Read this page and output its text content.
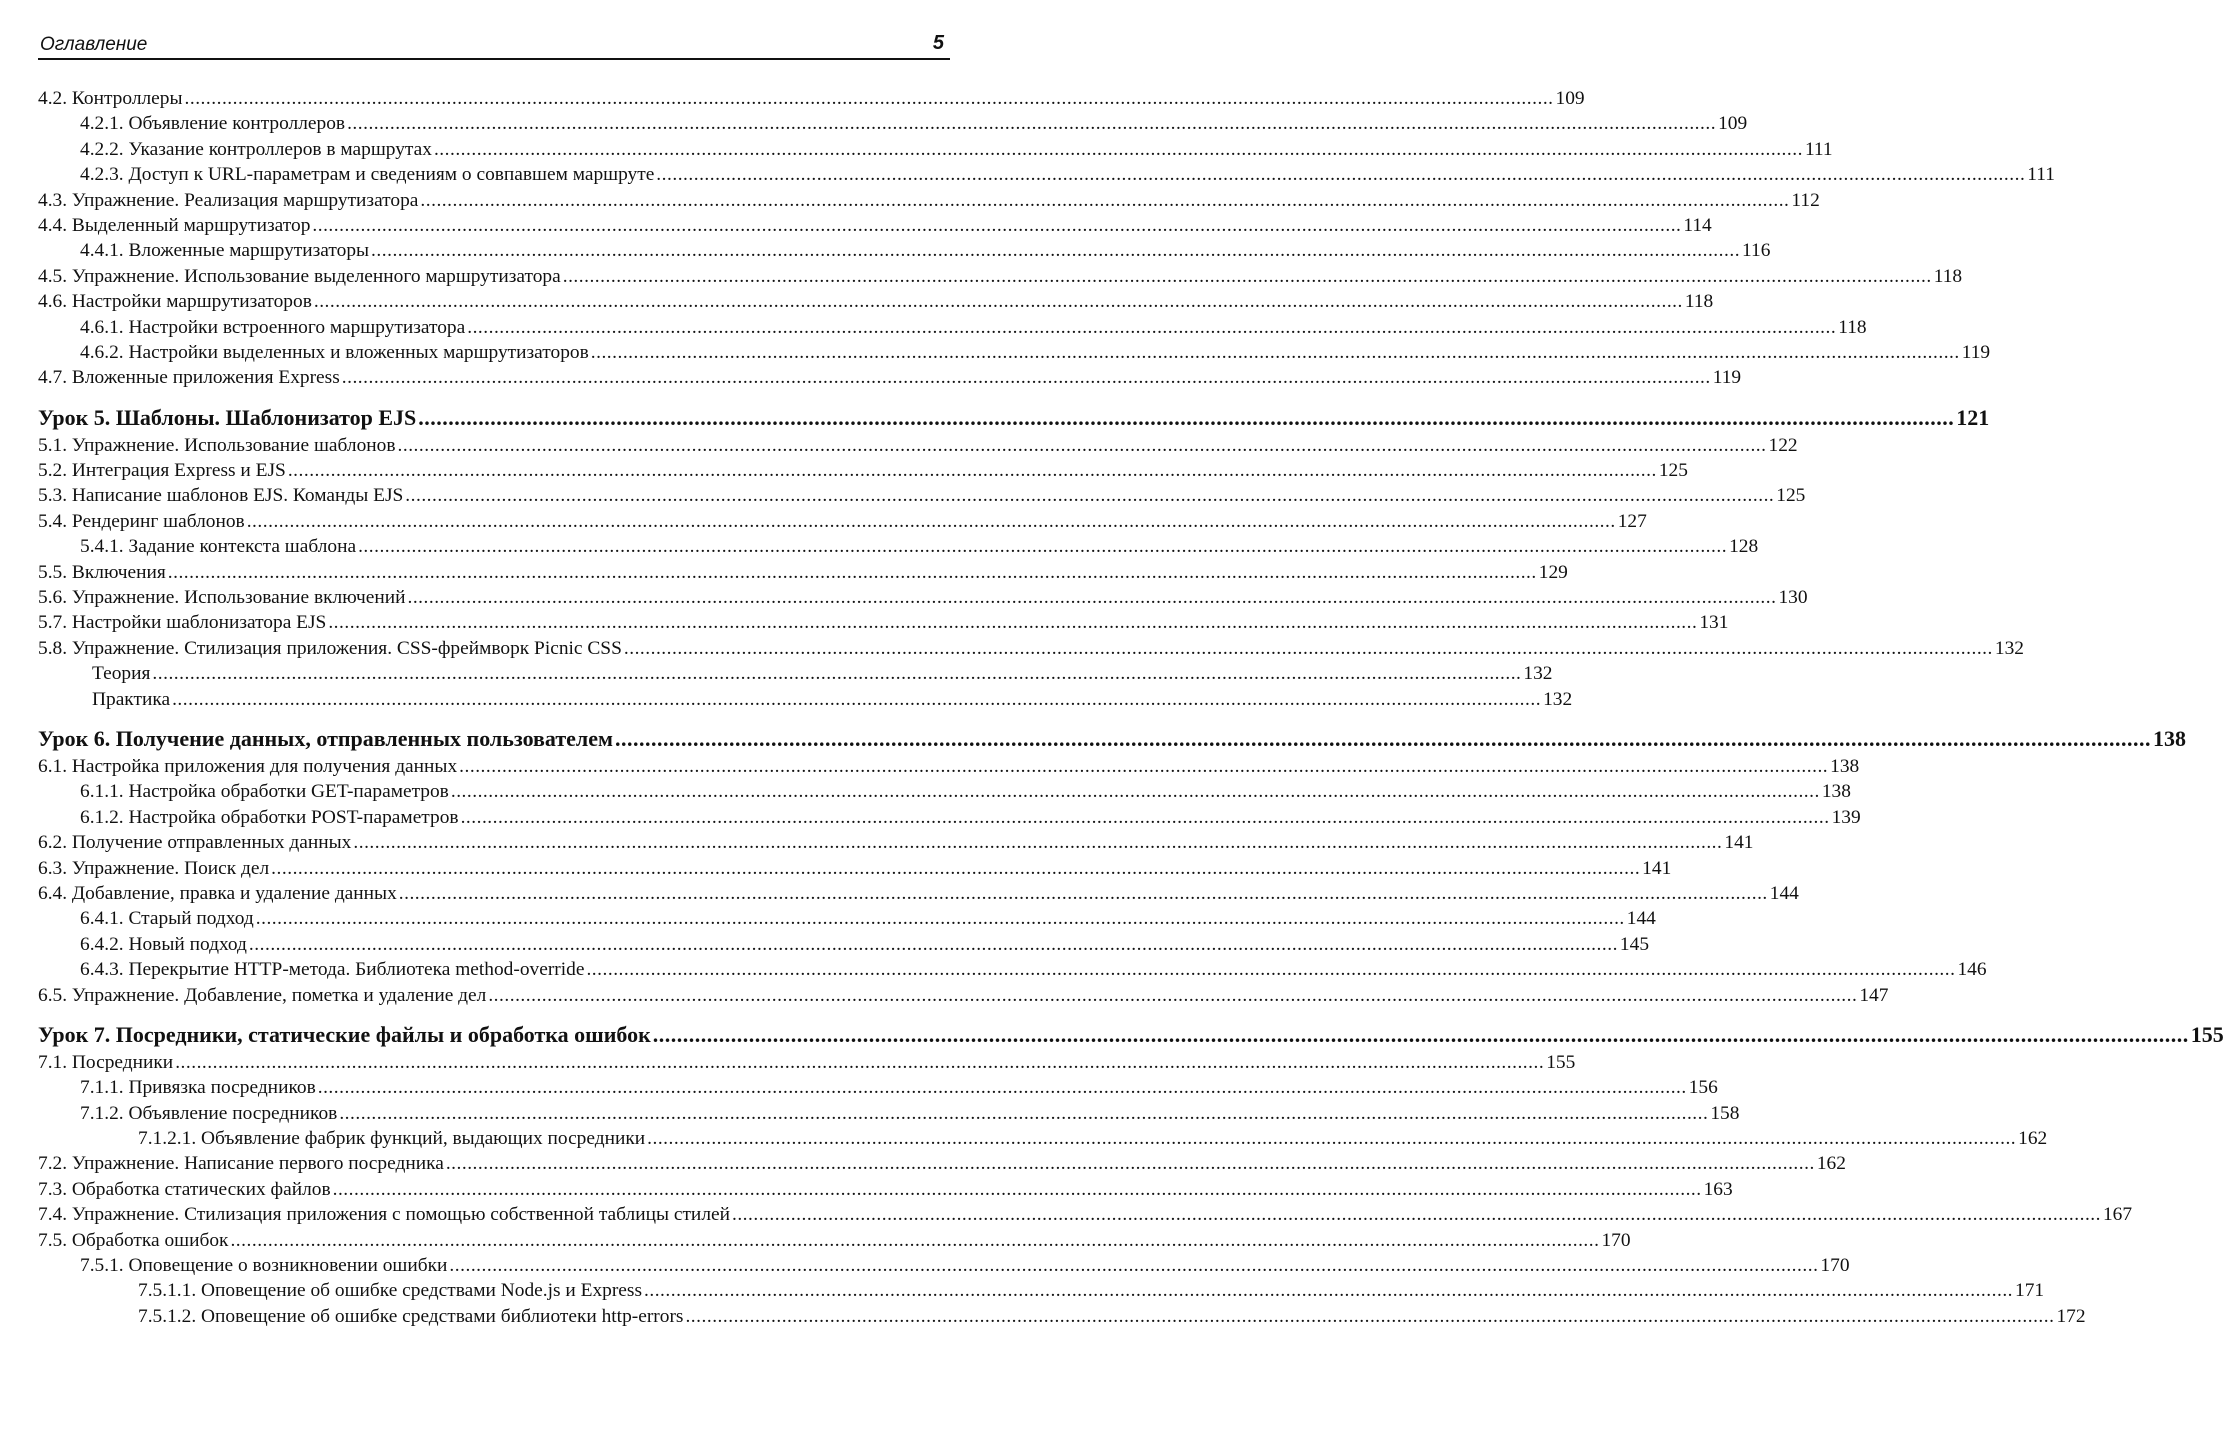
Оглавление	5
4.2. Контроллеры .....	109
4.2.1. Объявление контроллеров .....	109
4.2.2. Указание контроллеров в маршрутах .....	111
4.2.3. Доступ к URL-параметрам и сведениям о совпавшем маршруте .....	111
4.3. Упражнение. Реализация маршрутизатора .....	112
4.4. Выделенный маршрутизатор .....	114
4.4.1. Вложенные маршрутизаторы .....	116
4.5. Упражнение. Использование выделенного маршрутизатора .....	118
4.6. Настройки маршрутизаторов .....	118
4.6.1. Настройки встроенного маршрутизатора .....	118
4.6.2. Настройки выделенных и вложенных маршрутизаторов .....	119
4.7. Вложенные приложения Express .....	119
Урок 5. Шаблоны. Шаблонизатор EJS .....	121
5.1. Упражнение. Использование шаблонов .....	122
5.2. Интеграция Express и EJS .....	125
5.3. Написание шаблонов EJS. Команды EJS .....	125
5.4. Рендеринг шаблонов .....	127
5.4.1. Задание контекста шаблона .....	128
5.5. Включения .....	129
5.6. Упражнение. Использование включений .....	130
5.7. Настройки шаблонизатора EJS .....	131
5.8. Упражнение. Стилизация приложения. CSS-фреймворк Picnic CSS .....	132
Теория .....	132
Практика .....	132
Урок 6. Получение данных, отправленных пользователем .....	138
6.1. Настройка приложения для получения данных .....	138
6.1.1. Настройка обработки GET-параметров .....	138
6.1.2. Настройка обработки POST-параметров .....	139
6.2. Получение отправленных данных .....	141
6.3. Упражнение. Поиск дел .....	141
6.4. Добавление, правка и удаление данных .....	144
6.4.1. Старый подход .....	144
6.4.2. Новый подход .....	145
6.4.3. Перекрытие HTTP-метода. Библиотека method-override .....	146
6.5. Упражнение. Добавление, пометка и удаление дел .....	147
Урок 7. Посредники, статические файлы и обработка ошибок .....	155
7.1. Посредники .....	155
7.1.1. Привязка посредников .....	156
7.1.2. Объявление посредников .....	158
7.1.2.1. Объявление фабрик функций, выдающих посредники .....	162
7.2. Упражнение. Написание первого посредника .....	162
7.3. Обработка статических файлов .....	163
7.4. Упражнение. Стилизация приложения с помощью собственной таблицы стилей .....	167
7.5. Обработка ошибок .....	170
7.5.1. Оповещение о возникновении ошибки .....	170
7.5.1.1. Оповещение об ошибке средствами Node.js и Express .....	171
7.5.1.2. Оповещение об ошибке средствами библиотеки http-errors .....	172
